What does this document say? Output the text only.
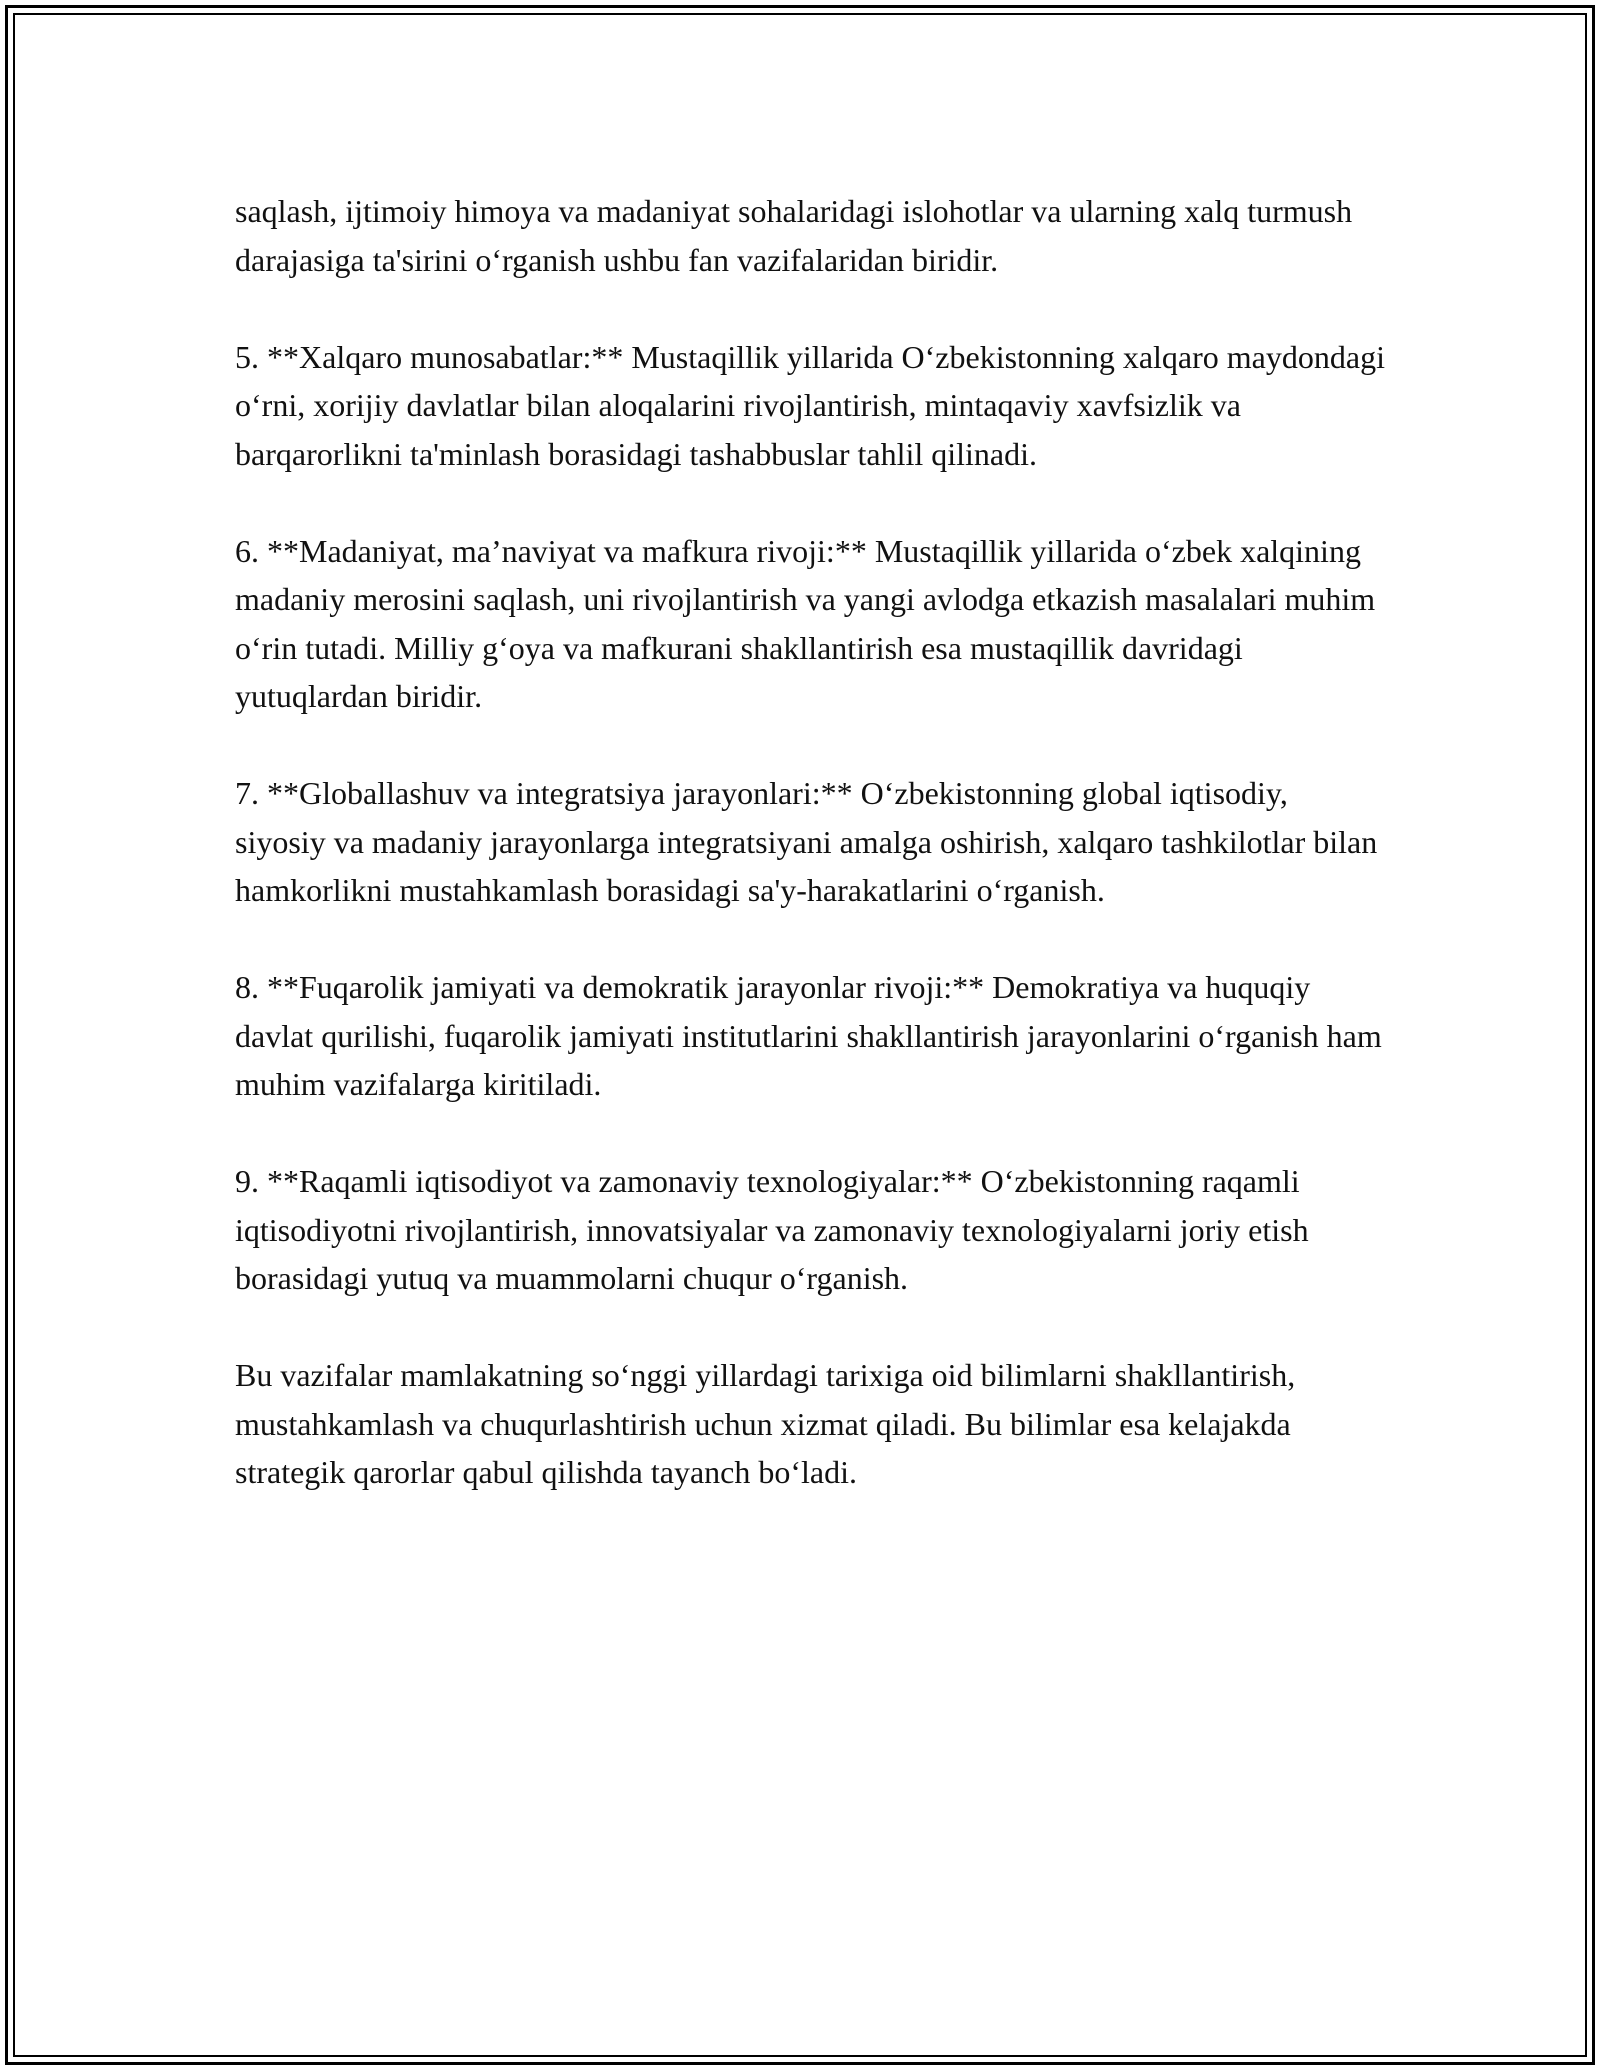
saqlash, ijtimoiy himoya va madaniyat sohalaridagi islohotlar va ularning xalq turmush darajasiga ta'sirini o‘rganish ushbu fan vazifalaridan biridir.

5. **Xalqaro munosabatlar:** Mustaqillik yillarida O‘zbekistonning xalqaro maydondagi o‘rni, xorijiy davlatlar bilan aloqalarini rivojlantirish, mintaqaviy xavfsizlik va barqarorlikni ta'minlash borasidagi tashabbuslar tahlil qilinadi.

6. **Madaniyat, ma’naviyat va mafkura rivoji:** Mustaqillik yillarida o‘zbek xalqining madaniy merosini saqlash, uni rivojlantirish va yangi avlodga etkazish masalalari muhim o‘rin tutadi. Milliy g‘oya va mafkurani shakllantirish esa mustaqillik davridagi yutuqlardan biridir.

7. **Globallashuv va integratsiya jarayonlari:** O‘zbekistonning global iqtisodiy, siyosiy va madaniy jarayonlarga integratsiyani amalga oshirish, xalqaro tashkilotlar bilan hamkorlikni mustahkamlash borasidagi sa'y-harakatlarini o‘rganish.

8. **Fuqarolik jamiyati va demokratik jarayonlar rivoji:** Demokratiya va huquqiy davlat qurilishi, fuqarolik jamiyati institutlarini shakllantirish jarayonlarini o‘rganish ham muhim vazifalarga kiritiladi.

9. **Raqamli iqtisodiyot va zamonaviy texnologiyalar:** O‘zbekistonning raqamli iqtisodiyotni rivojlantirish, innovatsiyalar va zamonaviy texnologiyalarni joriy etish borasidagi yutuq va muammolarni chuqur o‘rganish.

Bu vazifalar mamlakatning so‘nggi yillardagi tarixiga oid bilimlarni shakllantirish, mustahkamlash va chuqurlashtirish uchun xizmat qiladi. Bu bilimlar esa kelajakda strategik qarorlar qabul qilishda tayanch bo‘ladi.
